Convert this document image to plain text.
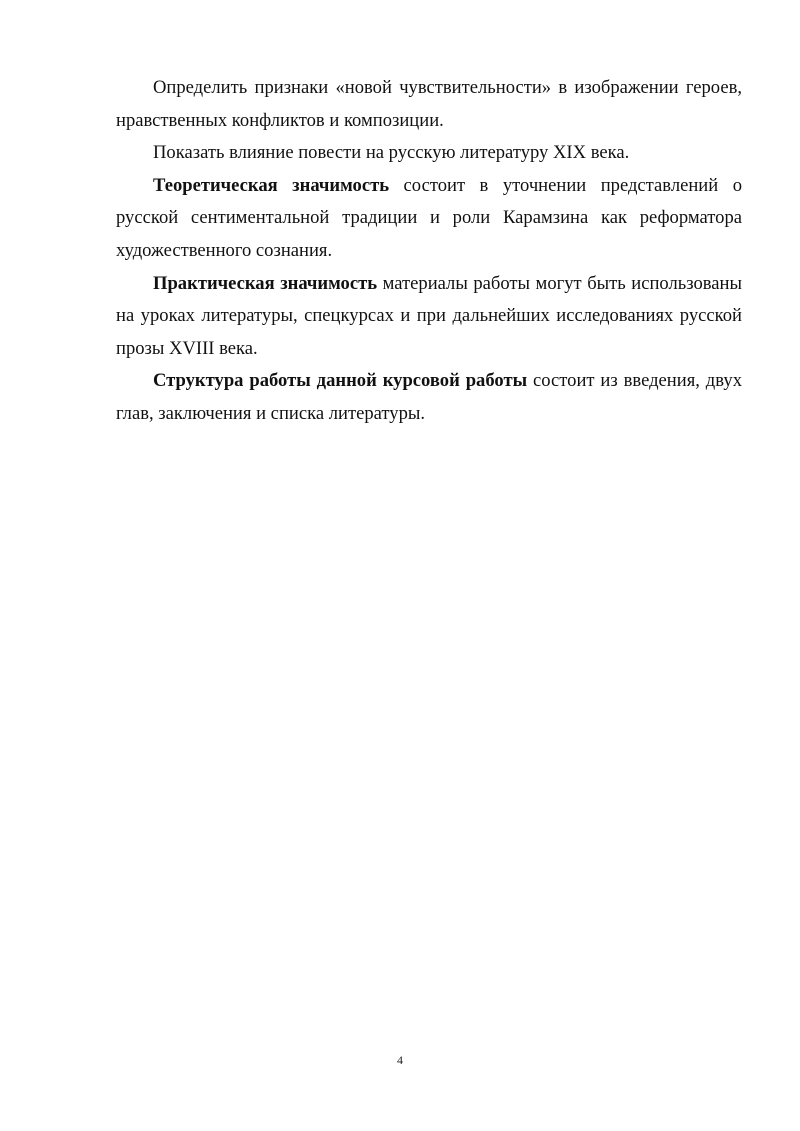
Определить признаки «новой чувствительности» в изображении героев, нравственных конфликтов и композиции.

Показать влияние повести на русскую литературу XIX века.

Теоретическая значимость состоит в уточнении представлений о русской сентиментальной традиции и роли Карамзина как реформатора художественного сознания.

Практическая значимость материалы работы могут быть использованы на уроках литературы, спецкурсах и при дальнейших исследованиях русской прозы XVIII века.

Структура работы данной курсовой работы состоит из введения, двух глав, заключения и списка литературы.

4
